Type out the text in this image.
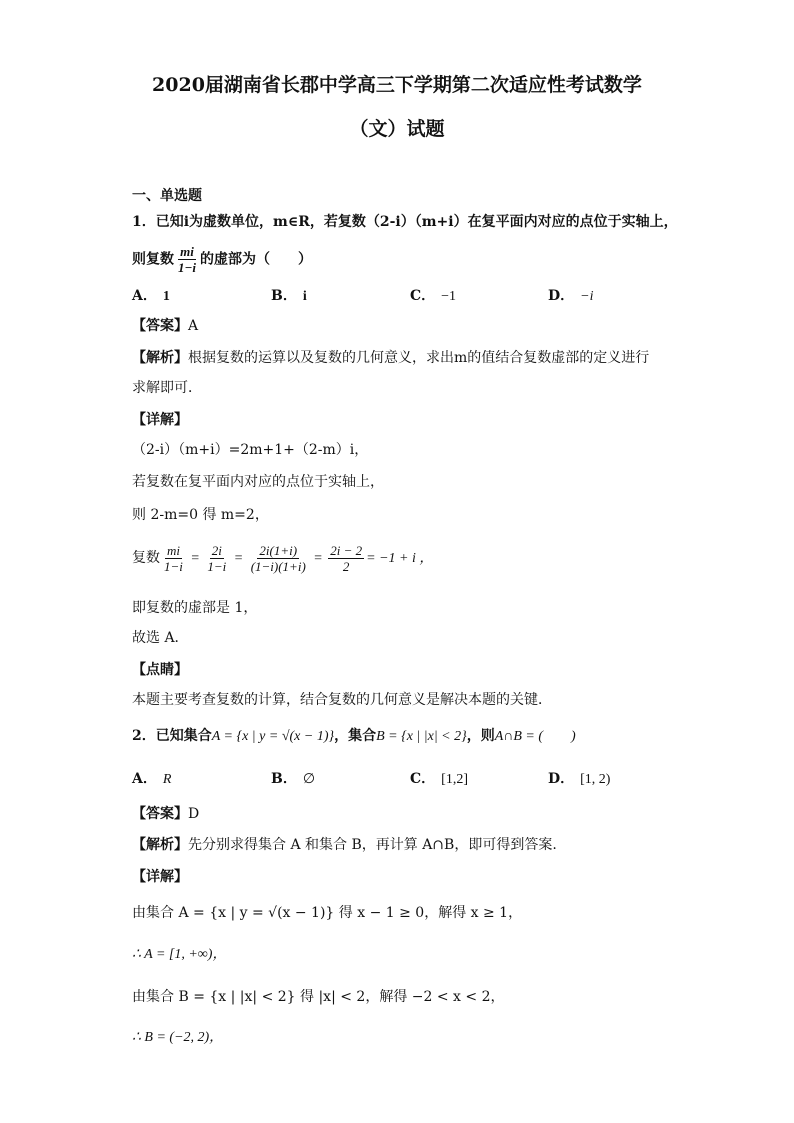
2020届湖南省长郡中学高三下学期第二次适应性考试数学
（文）试题
一、单选题
1．已知i为虚数单位，m∈R，若复数（2-i）（m+i）在复平面内对应的点位于实轴上，
则复数 $\frac{mi}{1-i}$ 的虚部为（　　）
A． 1	B． i	C． −1	D． −i
【答案】A
【解析】根据复数的运算以及复数的几何意义，求出m的值结合复数虚部的定义进行
求解即可．
【详解】
（2-i）（m+i）=2m+1+（2-m）i，
若复数在复平面内对应的点位于实轴上，
则 2-m=0 得 m=2，
复数 $\frac{mi}{1-i} = \frac{2i}{1-i} = \frac{2i(1+i)}{(1-i)(1+i)} = \frac{2i - 2}{2} = -1 + i$ ，
即复数的虚部是 1，
故选 A．
【点睛】
本题主要考查复数的计算，结合复数的几何意义是解决本题的关键．
2．已知集合A = {x | y = √(x − 1)}，集合B = {x | |x| < 2}，则A∩B = (　　)
A． R	B． ∅	C． [1,2]	D． [1, 2)
【答案】D
【解析】先分别求得集合 A 和集合 B，再计算 A∩B，即可得到答案.
【详解】
由集合 A = {x | y = √(x − 1)} 得 x − 1 ≥ 0，解得 x ≥ 1，
∴ A = [1, +∞)，
由集合 B = {x | |x| < 2} 得 |x| < 2，解得 −2 < x < 2，
∴ B = (−2, 2)，
